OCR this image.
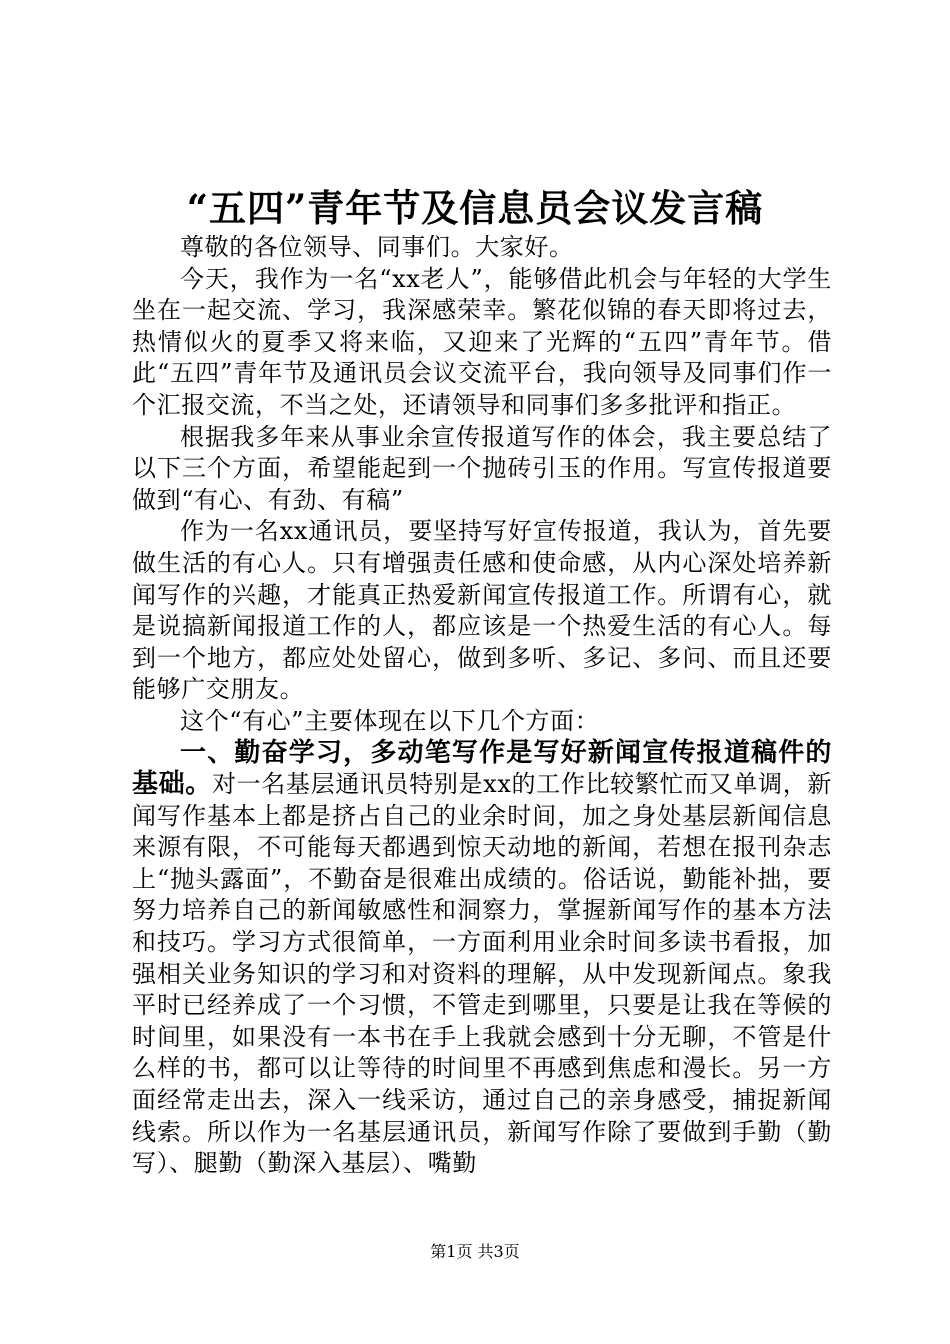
“五四”青年节及信息员会议发言稿

尊敬的各位领导、同事们。大家好。

今天，我作为一名“xx老人”，能够借此机会与年轻的大学生坐在一起交流、学习，我深感荣幸。繁花似锦的春天即将过去，热情似火的夏季又将来临，又迎来了光辉的“五四”青年节。借此“五四”青年节及通讯员会议交流平台，我向领导及同事们作一个汇报交流，不当之处，还请领导和同事们多多批评和指正。

根据我多年来从事业余宣传报道写作的体会，我主要总结了以下三个方面，希望能起到一个抛砖引玉的作用。写宣传报道要做到“有心、有劲、有稿”

作为一名xx通讯员，要坚持写好宣传报道，我认为，首先要做生活的有心人。只有增强责任感和使命感，从内心深处培养新闻写作的兴趣，才能真正热爱新闻宣传报道工作。所谓有心，就是说搞新闻报道工作的人，都应该是一个热爱生活的有心人。每到一个地方，都应处处留心，做到多听、多记、多问、而且还要能够广交朋友。

这个“有心”主要体现在以下几个方面：

一、勤奋学习，多动笔写作是写好新闻宣传报道稿件的基础。对一名基层通讯员特别是xx的工作比较繁忙而又单调，新闻写作基本上都是挤占自己的业余时间，加之身处基层新闻信息来源有限，不可能每天都遇到惊天动地的新闻，若想在报刊杂志上“抛头露面”，不勤奋是很难出成绩的。俗话说，勤能补拙，要努力培养自己的新闻敏感性和洞察力，掌握新闻写作的基本方法和技巧。学习方式很简单，一方面利用业余时间多读书看报，加强相关业务知识的学习和对资料的理解，从中发现新闻点。象我平时已经养成了一个习惯，不管走到哪里，只要是让我在等候的时间里，如果没有一本书在手上我就会感到十分无聊，不管是什么样的书，都可以让等待的时间里不再感到焦虑和漫长。另一方面经常走出去，深入一线采访，通过自己的亲身感受，捕捉新闻线索。所以作为一名基层通讯员，新闻写作除了要做到手勤（勤写）、腿勤（勤深入基层）、嘴勤

第1页 共3页
